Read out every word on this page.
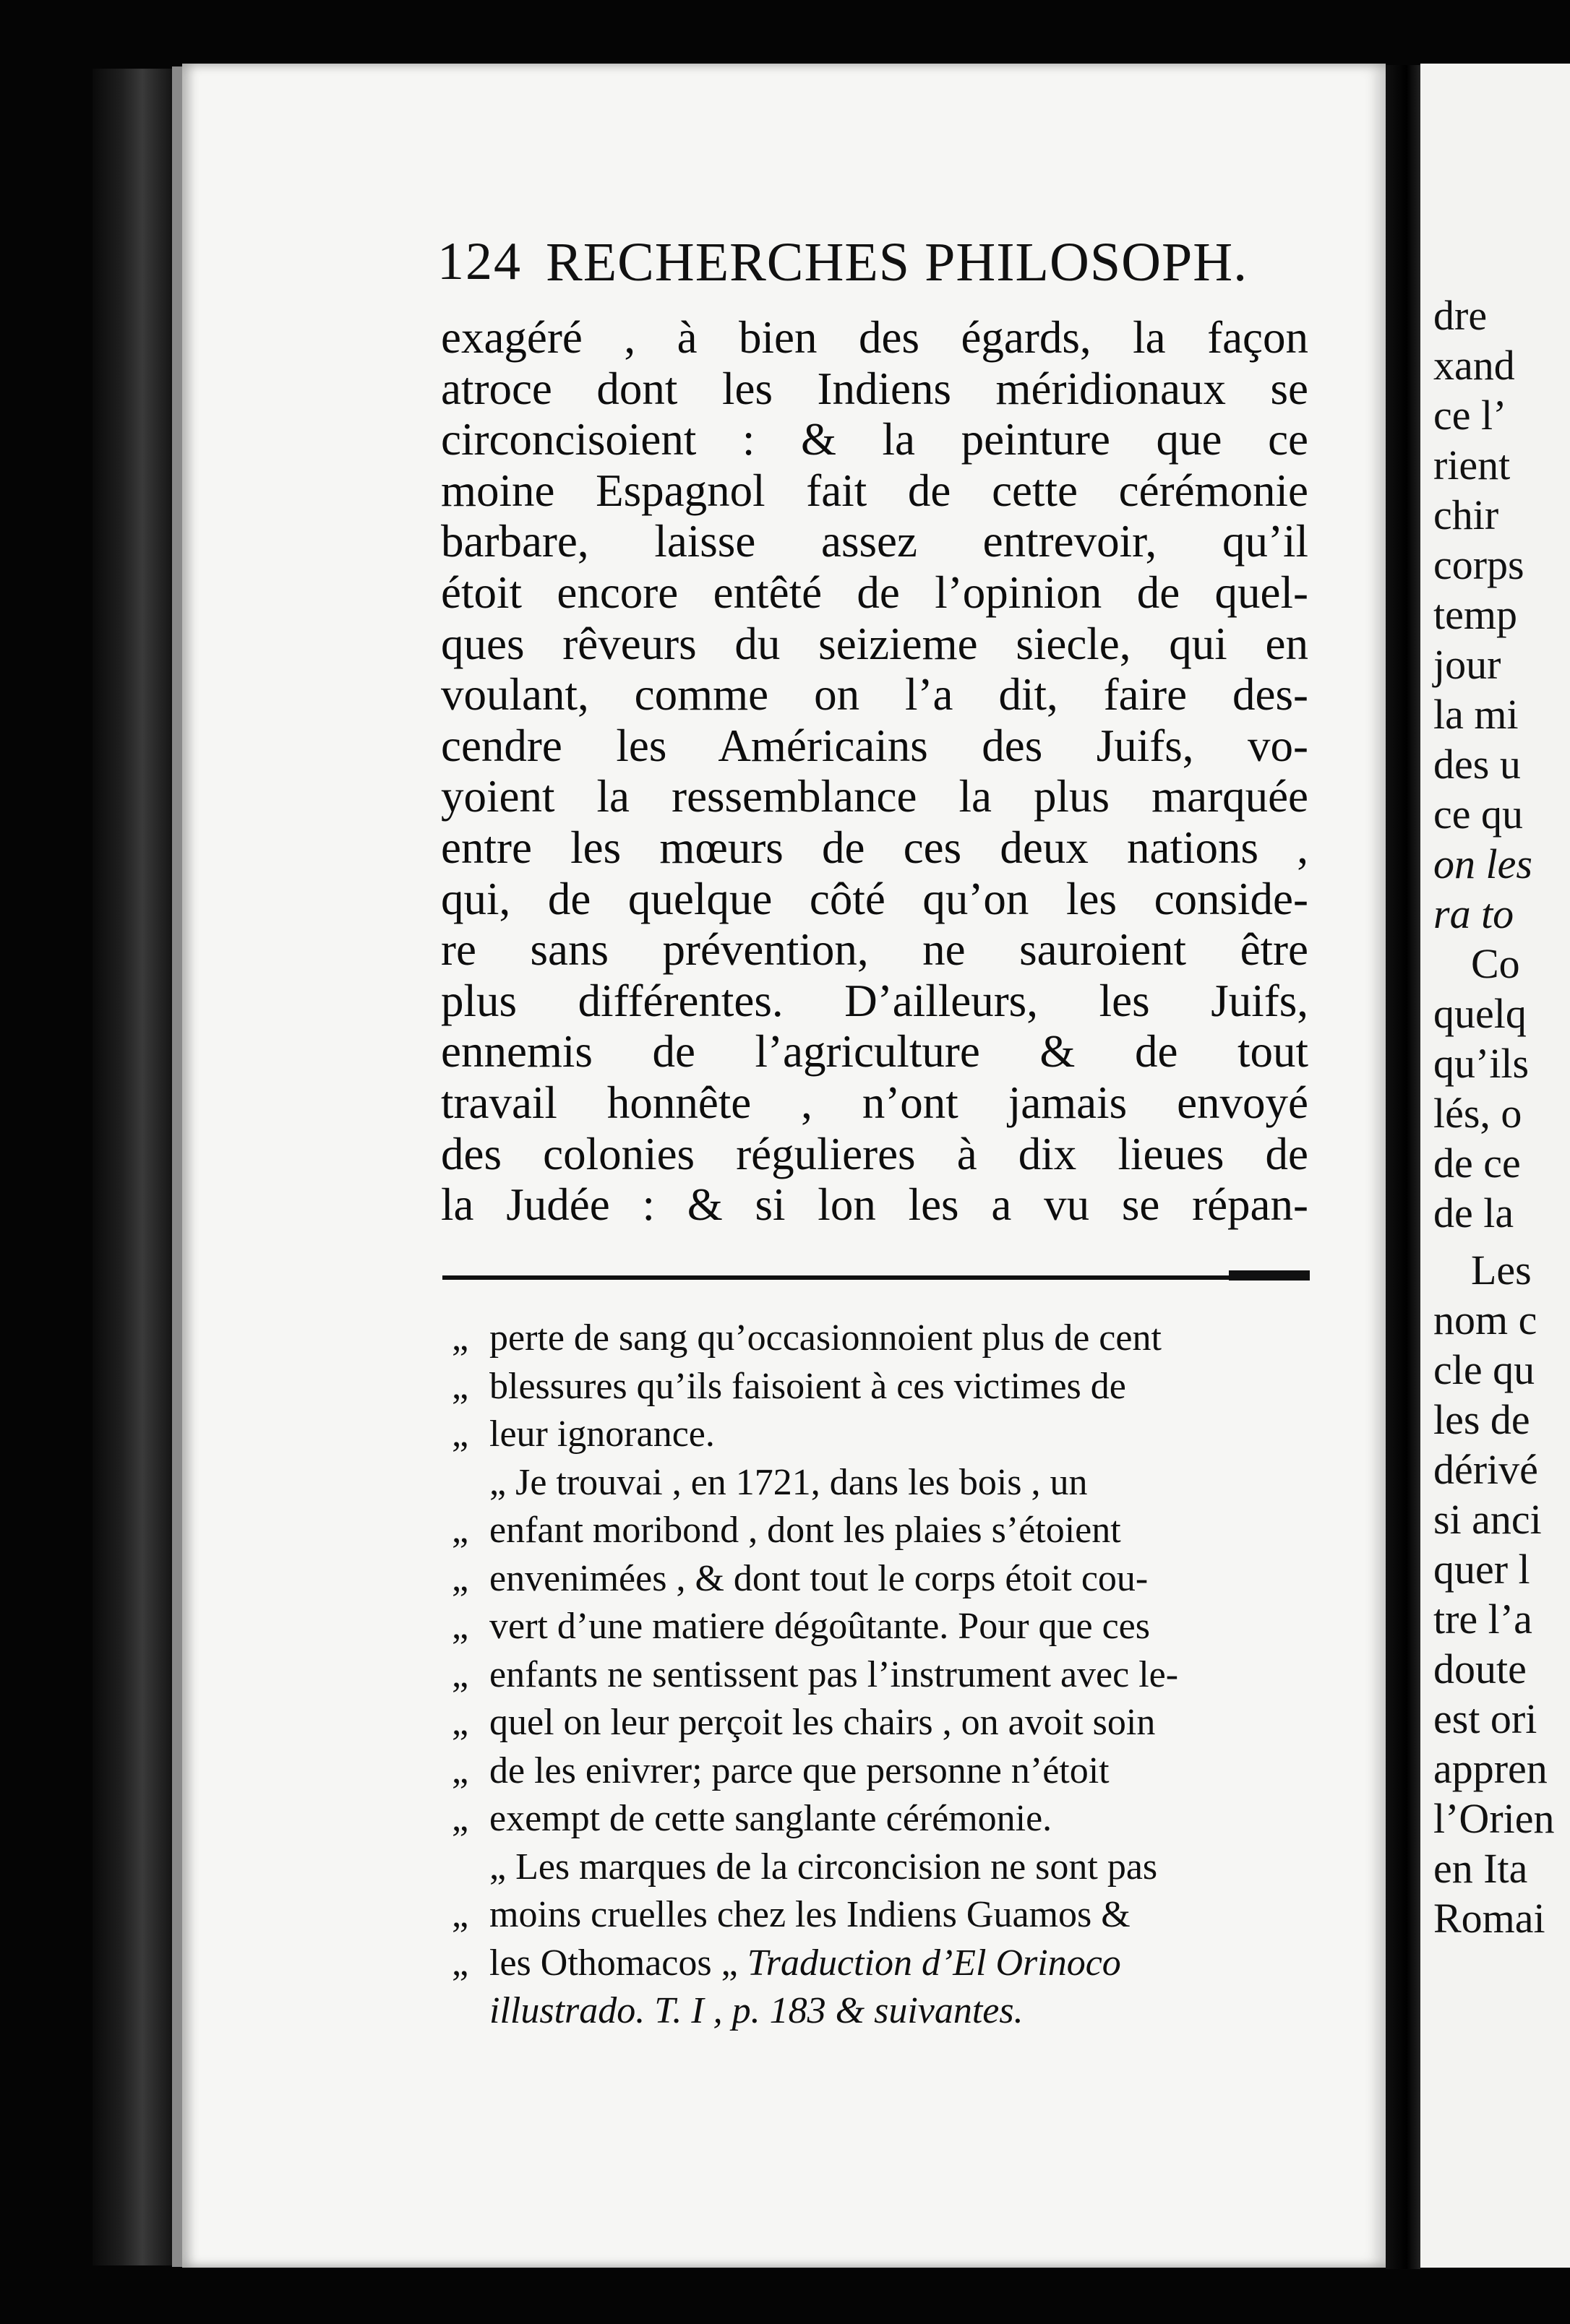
dre
xand
ce l’
rient
chir
corps
temp
jour
la mi
des u
ce qu
on les
ra to
Co
quelq
qu’ils
lés, o
de ce
de la
Les
nom c
cle qu
les de
dérivé
si anci
quer l
tre l’a
doute
est ori
appren
l’Orien
en Ita
Romai
124 RECHERCHES PHILOSOPH.
exagéré , à bien des égards, la façon
atroce dont les Indiens méridionaux se
circoncisoient : & la peinture que ce
moine Espagnol fait de cette cérémonie
barbare, laisse assez entrevoir, qu’il
étoit encore entêté de l’opinion de quel-
ques rêveurs du seizieme siecle, qui en
voulant, comme on l’a dit, faire des-
cendre les Américains des Juifs, vo-
yoient la ressemblance la plus marquée
entre les mœurs de ces deux nations ,
qui, de quelque côté qu’on les conside-
re sans prévention, ne sauroient être
plus différentes. D’ailleurs, les Juifs,
ennemis de l’agriculture & de tout
travail honnête , n’ont jamais envoyé
des colonies régulieres à dix lieues de
la Judée : & si lon les a vu se répan-
„ perte de sang qu’occasionnoient plus de cent
„ blessures qu’ils faisoient à ces victimes de
„ leur ignorance.
„ Je trouvai , en 1721, dans les bois , un
„ enfant moribond , dont les plaies s’étoient
„ envenimées , & dont tout le corps étoit cou-
„ vert d’une matiere dégoûtante. Pour que ces
„ enfants ne sentissent pas l’instrument avec le-
„ quel on leur perçoit les chairs , on avoit soin
„ de les enivrer; parce que personne n’étoit
„ exempt de cette sanglante cérémonie.
„ Les marques de la circoncision ne sont pas
„ moins cruelles chez les Indiens Guamos &
„ les Othomacos „ Traduction d’El Orinoco
illustrado. T. I , p. 183 & suivantes.
